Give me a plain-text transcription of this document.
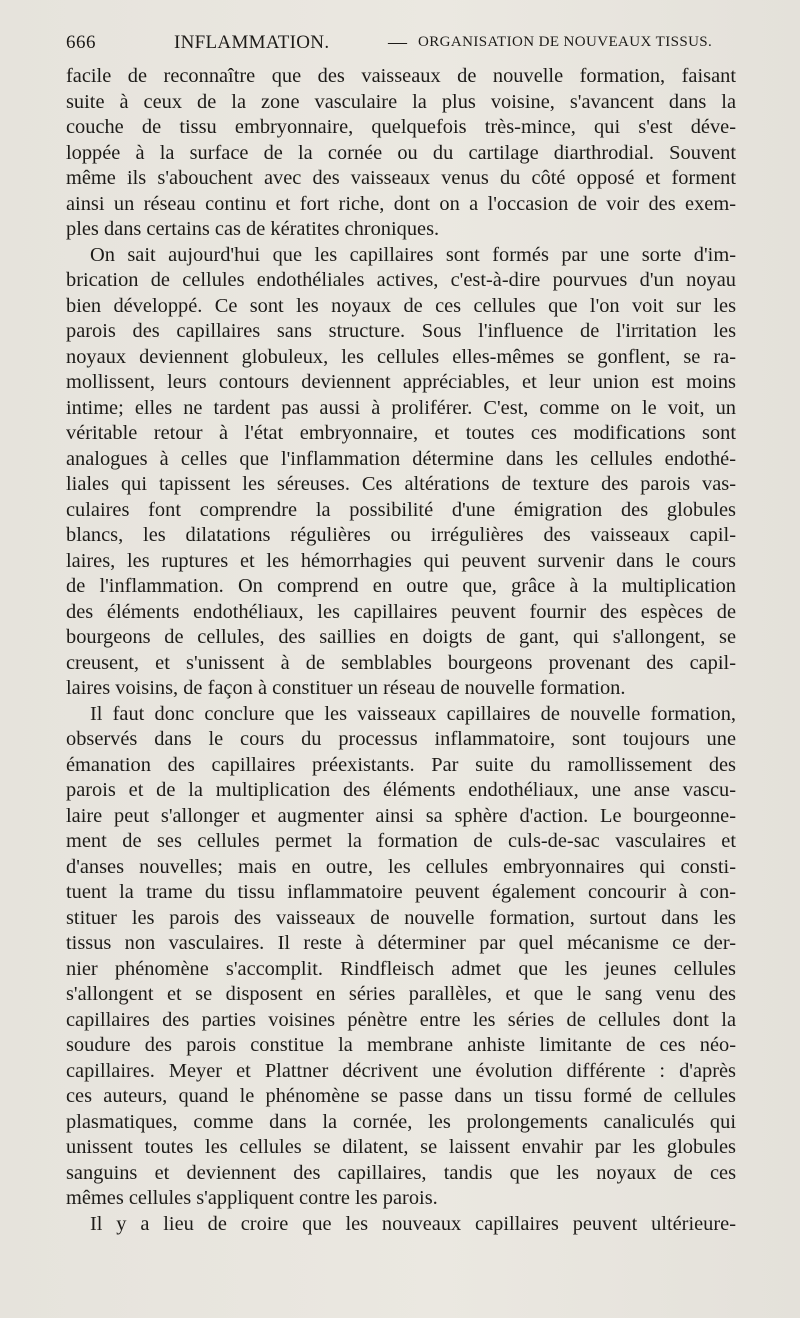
666	INFLAMMATION.	— ORGANISATION DE NOUVEAUX TISSUS.
facile de reconnaître que des vaisseaux de nouvelle formation, faisant
suite à ceux de la zone vasculaire la plus voisine, s'avancent dans la
couche de tissu embryonnaire, quelquefois très-mince, qui s'est déve-
loppée à la surface de la cornée ou du cartilage diarthrodial. Souvent
même ils s'abouchent avec des vaisseaux venus du côté opposé et forment
ainsi un réseau continu et fort riche, dont on a l'occasion de voir des exem-
ples dans certains cas de kératites chroniques.
On sait aujourd'hui que les capillaires sont formés par une sorte d'im-
brication de cellules endothéliales actives, c'est-à-dire pourvues d'un noyau
bien développé. Ce sont les noyaux de ces cellules que l'on voit sur les
parois des capillaires sans structure. Sous l'influence de l'irritation les
noyaux deviennent globuleux, les cellules elles-mêmes se gonflent, se ra-
mollissent, leurs contours deviennent appréciables, et leur union est moins
intime; elles ne tardent pas aussi à proliférer. C'est, comme on le voit, un
véritable retour à l'état embryonnaire, et toutes ces modifications sont
analogues à celles que l'inflammation détermine dans les cellules endothé-
liales qui tapissent les séreuses. Ces altérations de texture des parois vas-
culaires font comprendre la possibilité d'une émigration des globules
blancs, les dilatations régulières ou irrégulières des vaisseaux capil-
laires, les ruptures et les hémorrhagies qui peuvent survenir dans le cours
de l'inflammation. On comprend en outre que, grâce à la multiplication
des éléments endothéliaux, les capillaires peuvent fournir des espèces de
bourgeons de cellules, des saillies en doigts de gant, qui s'allongent, se
creusent, et s'unissent à de semblables bourgeons provenant des capil-
laires voisins, de façon à constituer un réseau de nouvelle formation.
Il faut donc conclure que les vaisseaux capillaires de nouvelle formation,
observés dans le cours du processus inflammatoire, sont toujours une
émanation des capillaires préexistants. Par suite du ramollissement des
parois et de la multiplication des éléments endothéliaux, une anse vascu-
laire peut s'allonger et augmenter ainsi sa sphère d'action. Le bourgeonne-
ment de ses cellules permet la formation de culs-de-sac vasculaires et
d'anses nouvelles; mais en outre, les cellules embryonnaires qui consti-
tuent la trame du tissu inflammatoire peuvent également concourir à con-
stituer les parois des vaisseaux de nouvelle formation, surtout dans les
tissus non vasculaires. Il reste à déterminer par quel mécanisme ce der-
nier phénomène s'accomplit. Rindfleisch admet que les jeunes cellules
s'allongent et se disposent en séries parallèles, et que le sang venu des
capillaires des parties voisines pénètre entre les séries de cellules dont la
soudure des parois constitue la membrane anhiste limitante de ces néo-
capillaires. Meyer et Plattner décrivent une évolution différente : d'après
ces auteurs, quand le phénomène se passe dans un tissu formé de cellules
plasmatiques, comme dans la cornée, les prolongements canaliculés qui
unissent toutes les cellules se dilatent, se laissent envahir par les globules
sanguins et deviennent des capillaires, tandis que les noyaux de ces
mêmes cellules s'appliquent contre les parois.
Il y a lieu de croire que les nouveaux capillaires peuvent ultérieure-
